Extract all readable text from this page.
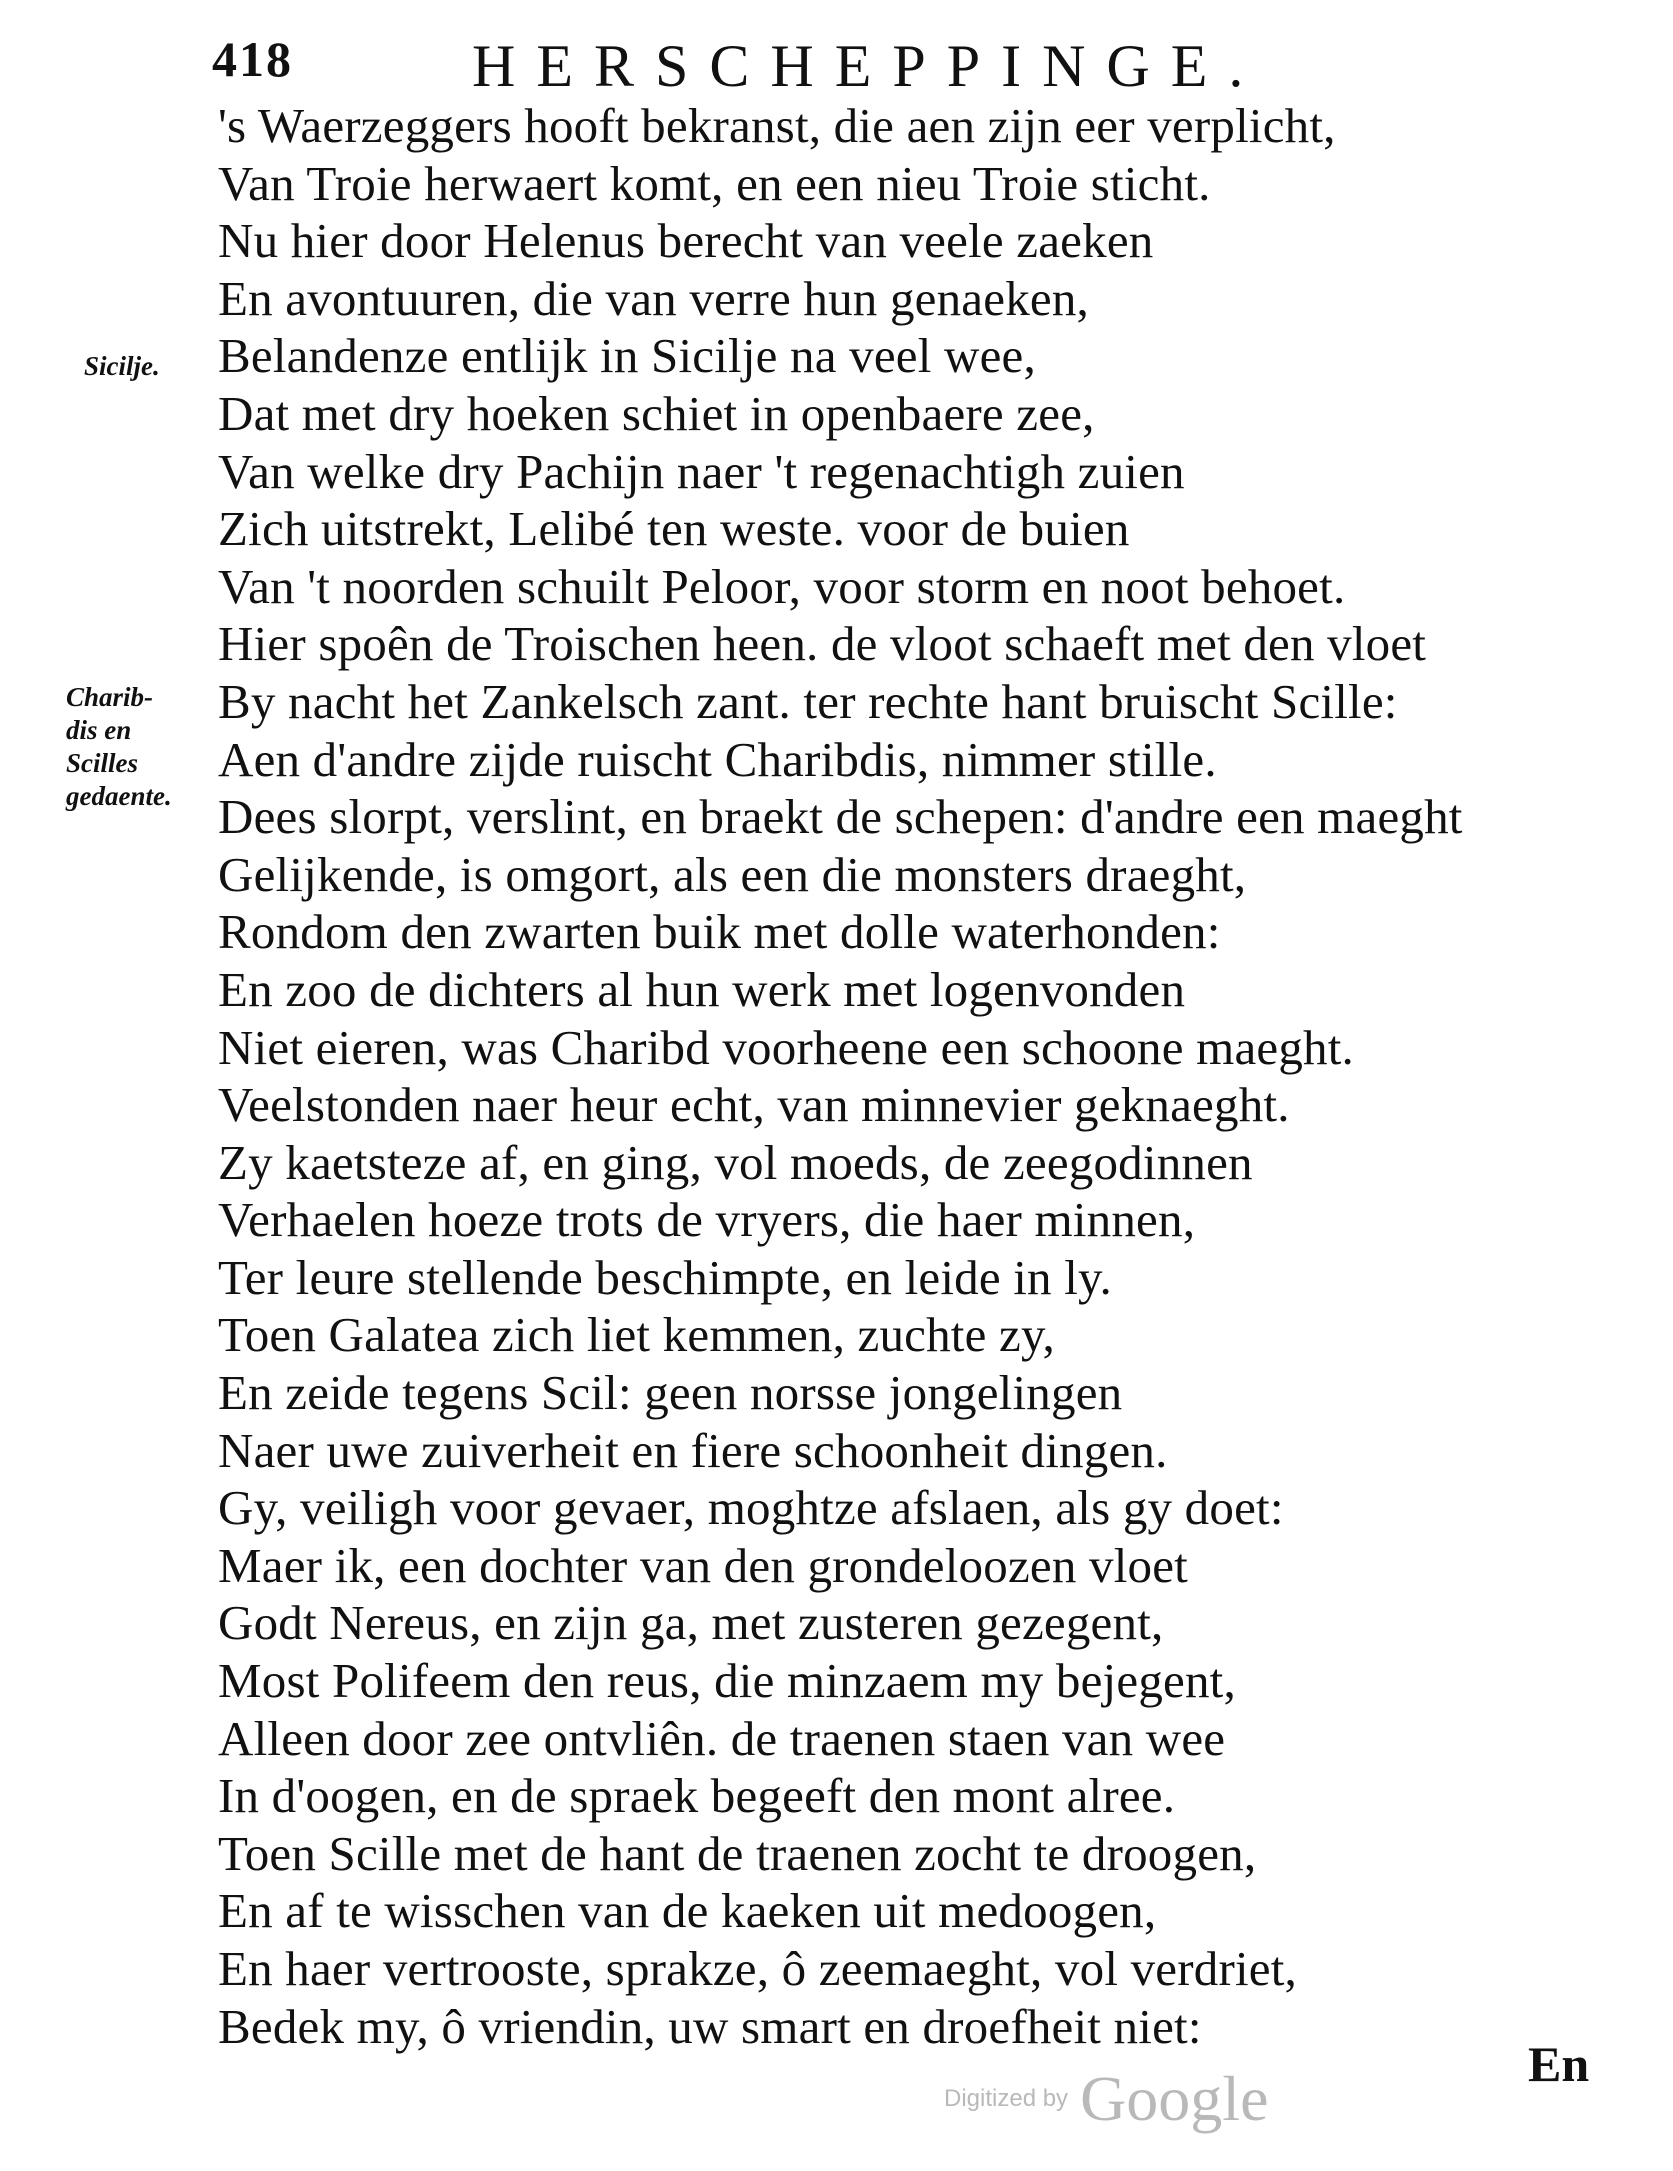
418	HERSCHEPPINGE.
Sicilje.
Charib-
dis en
Scilles
gedaente.
's Waerzeggers hooft bekranst, die aen zijn eer verplicht,
Van Troie herwaert komt, en een nieu Troie sticht.
Nu hier door Helenus berecht van veele zaeken
En avontuuren, die van verre hun genaeken,
Belandenze entlijk in Sicilje na veel wee,
Dat met dry hoeken schiet in openbaere zee,
Van welke dry Pachijn naer 't regenachtigh zuien
Zich uitstrekt, Lelibé ten weste. voor de buien
Van 't noorden schuilt Peloor, voor storm en noot behoet.
Hier spoên de Troischen heen. de vloot schaeft met den vloet
By nacht het Zankelsch zant. ter rechte hant bruischt Scille:
Aen d'andre zijde ruischt Charibdis, nimmer stille.
Dees slorpt, verslint, en braekt de schepen: d'andre een maeght
Gelijkende, is omgort, als een die monsters draeght,
Rondom den zwarten buik met dolle waterhonden:
En zoo de dichters al hun werk met logenvonden
Niet eieren, was Charibd voorheene een schoone maeght.
Veelstonden naer heur echt, van minnevier geknaeght.
Zy kaetsteze af, en ging, vol moeds, de zeegodinnen
Verhaelen hoeze trots de vryers, die haer minnen,
Ter leure stellende beschimpte, en leide in ly.
Toen Galatea zich liet kemmen, zuchte zy,
En zeide tegens Scil: geen norsse jongelingen
Naer uwe zuiverheit en fiere schoonheit dingen.
Gy, veiligh voor gevaer, moghtze afslaen, als gy doet:
Maer ik, een dochter van den grondeloozen vloet
Godt Nereus, en zijn ga, met zusteren gezegent,
Most Polifeem den reus, die minzaem my bejegent,
Alleen door zee ontvliên. de traenen staen van wee
In d'oogen, en de spraek begeeft den mont alree.
Toen Scille met de hant de traenen zocht te droogen,
En af te wisschen van de kaeken uit medoogen,
En haer vertrooste, sprakze, ô zeemaeght, vol verdriet,
Bedek my, ô vriendin, uw smart en droefheit niet:
En
Digitized by Google
